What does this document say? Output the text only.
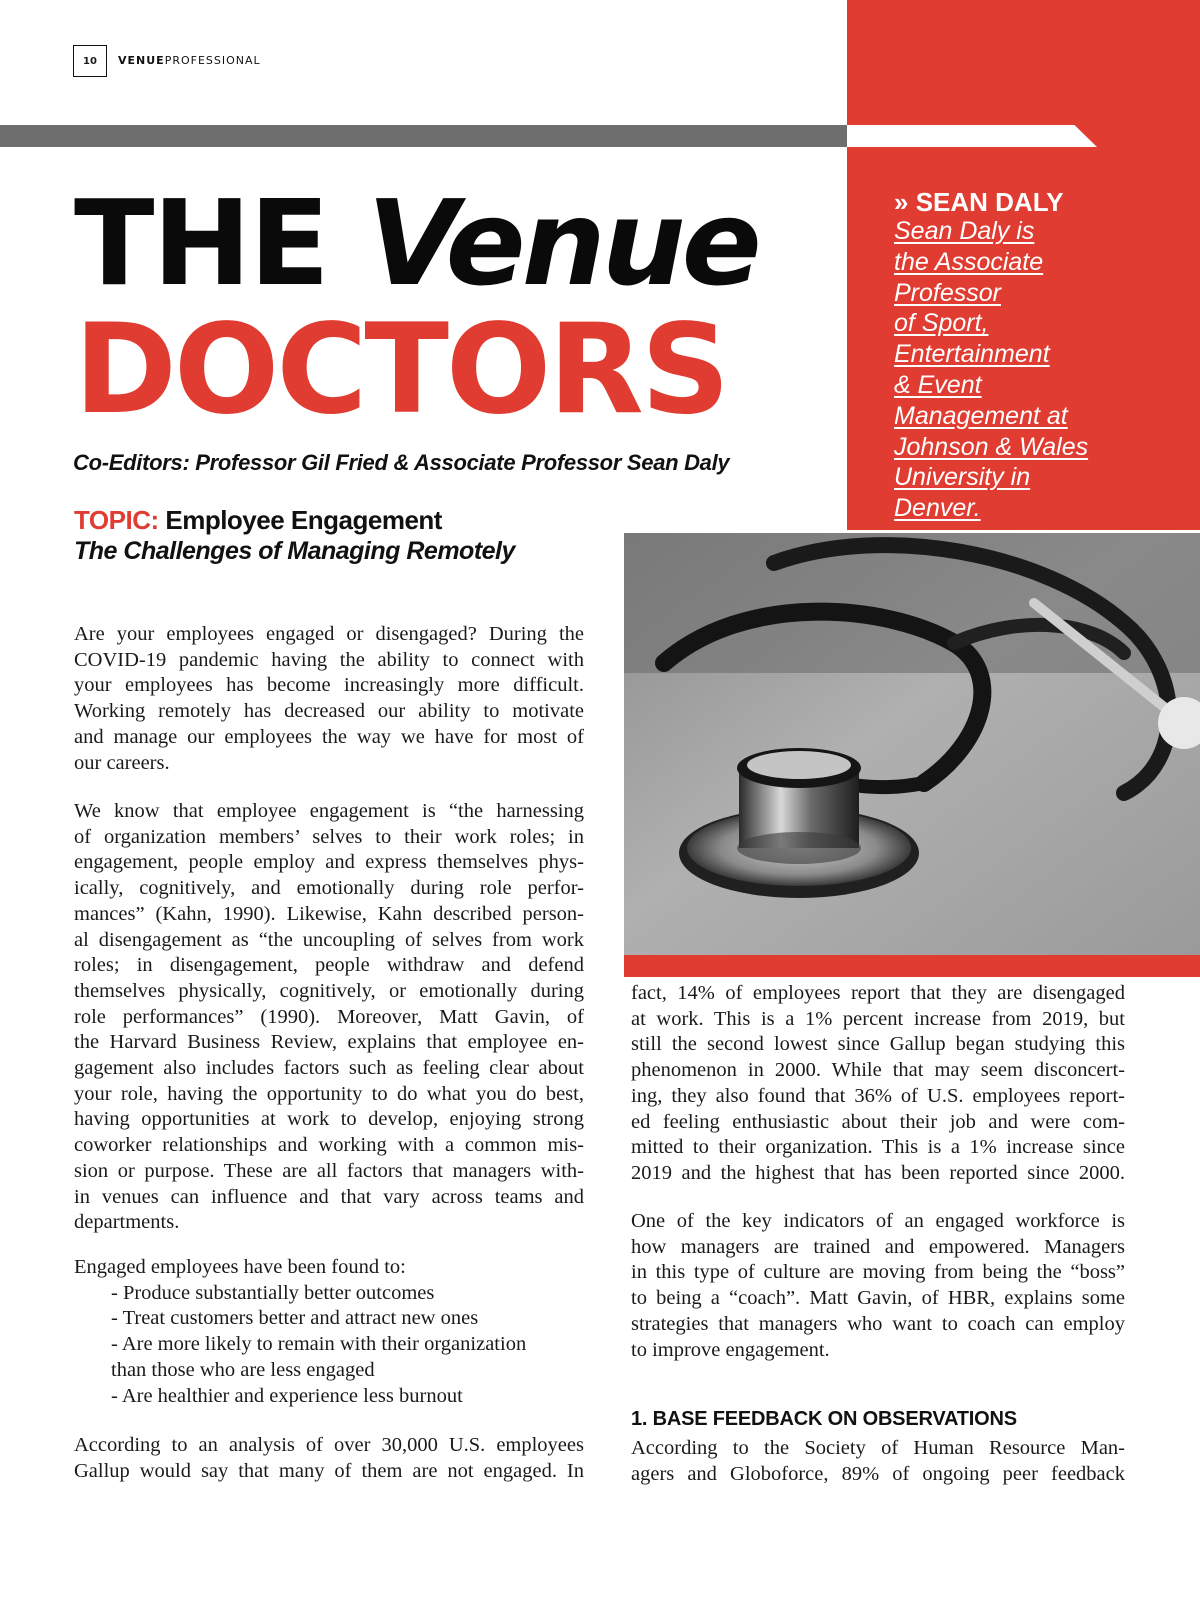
10	VENUEPROFESSIONAL
THE Venue
DOCTORS
Co-Editors: Professor Gil Fried & Associate Professor Sean Daly
TOPIC: Employee Engagement
The Challenges of Managing Remotely
» SEAN DALY
Sean Daly is
the Associate
Professor
of Sport,
Entertainment
& Event
Management at
Johnson & Wales
University in
Denver.
Are your employees engaged or disengaged? During the
COVID-19 pandemic having the ability to connect with
your employees has become increasingly more difficult.
Working remotely has decreased our ability to motivate
and manage our employees the way we have for most of
our careers.
We know that employee engagement is “the harnessing
of organization members’ selves to their work roles; in
engagement, people employ and express themselves phys-
ically, cognitively, and emotionally during role perfor-
mances” (Kahn, 1990). Likewise, Kahn described person-
al disengagement as “the uncoupling of selves from work
roles; in disengagement, people withdraw and defend
themselves physically, cognitively, or emotionally during
role performances” (1990). Moreover, Matt Gavin, of
the Harvard Business Review, explains that employee en-
gagement also includes factors such as feeling clear about
your role, having the opportunity to do what you do best,
having opportunities at work to develop, enjoying strong
coworker relationships and working with a common mis-
sion or purpose. These are all factors that managers with-
in venues can influence and that vary across teams and
departments.
Engaged employees have been found to:
- Produce substantially better outcomes
- Treat customers better and attract new ones
- Are more likely to remain with their organization
than those who are less engaged
- Are healthier and experience less burnout
According to an analysis of over 30,000 U.S. employees
Gallup would say that many of them are not engaged. In
fact, 14% of employees report that they are disengaged
at work. This is a 1% percent increase from 2019, but
still the second lowest since Gallup began studying this
phenomenon in 2000. While that may seem disconcert-
ing, they also found that 36% of U.S. employees report-
ed feeling enthusiastic about their job and were com-
mitted to their organization. This is a 1% increase since
2019 and the highest that has been reported since 2000.
One of the key indicators of an engaged workforce is
how managers are trained and empowered. Managers
in this type of culture are moving from being the “boss”
to being a “coach”. Matt Gavin, of HBR, explains some
strategies that managers who want to coach can employ
to improve engagement.
1. BASE FEEDBACK ON OBSERVATIONS
According to the Society of Human Resource Man-
agers and Globoforce, 89% of ongoing peer feedback
